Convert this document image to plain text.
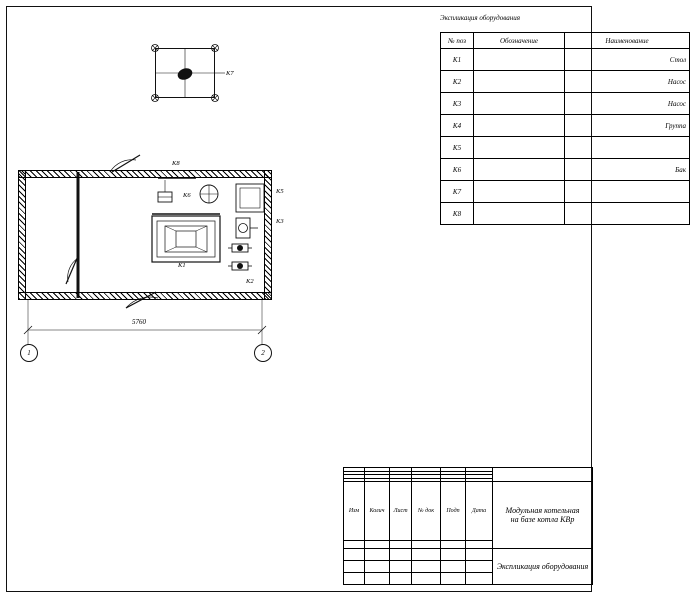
5760
1	2
К7
К8
К6
К5
К3
К2
К1
Экспликация оборудования
№ поз	Обозначение	Наименование
К1		Стол
К2		Насос
К3		Насос
К4		Группа
К5		
К6		Бак
К7		
К8		

Изм	Колич	Лист	№ док	Подп	Дата	Модульная котельная
на базе котла КВр

						Экспликация оборудования
